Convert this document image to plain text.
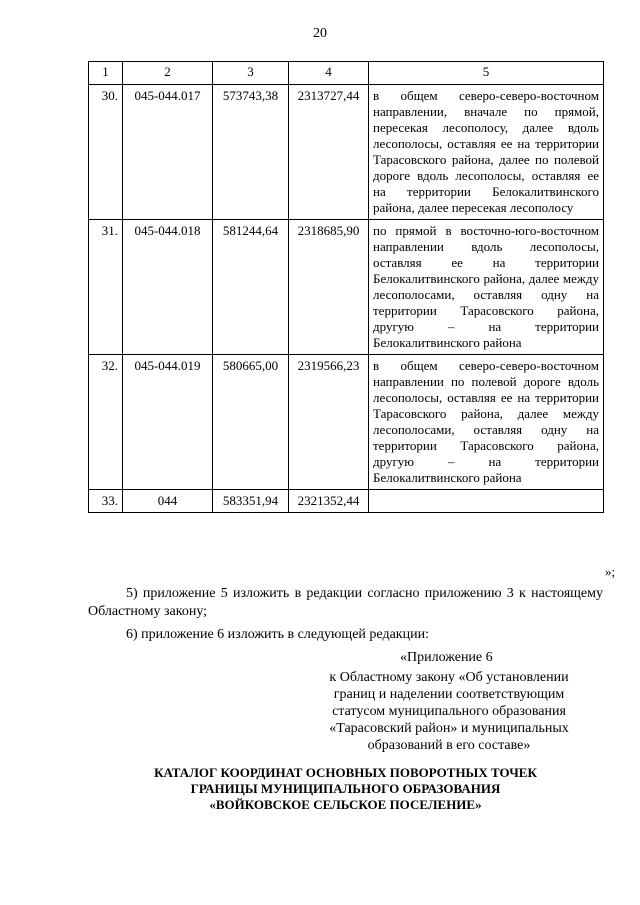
20
1	2	3	4	5
30.	045-044.017	573743,38	2313727,44	в общем северо-северо-восточном направлении, вначале по прямой, пересекая лесополосу, далее вдоль лесополосы, оставляя ее на территории Тарасовского района, далее по полевой дороге вдоль лесополосы, оставляя ее на территории Белокалитвинского района, далее пересекая лесополосу
31.	045-044.018	581244,64	2318685,90	по прямой в восточно-юго-восточном направлении вдоль лесополосы, оставляя ее на территории Белокалитвинского района, далее между лесополосами, оставляя одну на территории Тарасовского района, другую – на территории Белокалитвинского района
32.	045-044.019	580665,00	2319566,23	в общем северо-северо-восточном направлении по полевой дороге вдоль лесополосы, оставляя ее на территории Тарасовского района, далее между лесополосами, оставляя одну на территории Тарасовского района, другую – на территории Белокалитвинского района
33.	044	583351,94	2321352,44	
»;
5) приложение 5 изложить в редакции согласно приложению 3 к настоящему Областному закону;
6) приложение 6 изложить в следующей редакции:
«Приложение 6
к Областному закону «Об установлении
границ и наделении соответствующим
статусом муниципального образования
«Тарасовский район» и муниципальных
образований в его составе»
КАТАЛОГ КООРДИНАТ ОСНОВНЫХ ПОВОРОТНЫХ ТОЧЕК
ГРАНИЦЫ МУНИЦИПАЛЬНОГО ОБРАЗОВАНИЯ
«ВОЙКОВСКОЕ СЕЛЬСКОЕ ПОСЕЛЕНИЕ»
